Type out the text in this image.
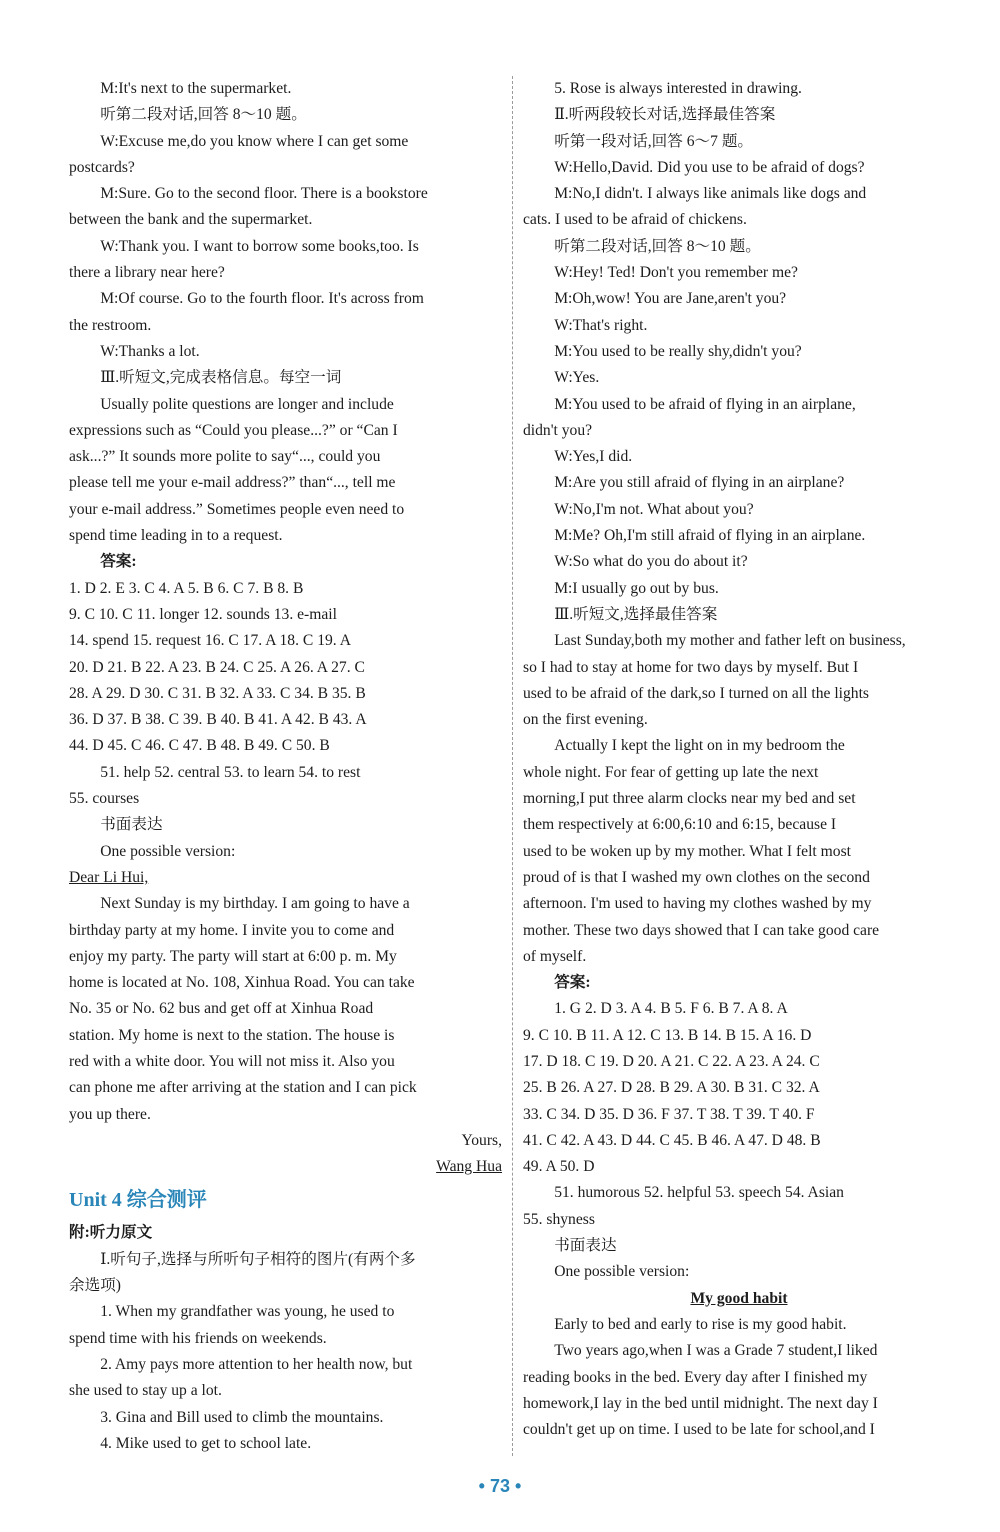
M:It's next to the supermarket.

听第二段对话,回答 8～10 题。

W:Excuse me,do you know where I can get some

postcards?

M:Sure. Go to the second floor. There is a bookstore

between the bank and the supermarket.

W:Thank you. I want to borrow some books,too. Is

there a library near here?

M:Of course. Go to the fourth floor. It's across from

the restroom.

W:Thanks a lot.

Ⅲ.听短文,完成表格信息。每空一词

Usually polite questions are longer and include

expressions such as “Could you please...?” or “Can I

ask...?” It sounds more polite to say“..., could you

please tell me your e-mail address?” than“..., tell me

your e-mail address.” Sometimes people even need to

spend time leading in to a request.

答案:

1. D 2. E 3. C 4. A 5. B 6. C 7. B 8. B

9. C 10. C 11. longer 12. sounds 13. e-mail

14. spend 15. request 16. C 17. A 18. C 19. A

20. D 21. B 22. A 23. B 24. C 25. A 26. A 27. C

28. A 29. D 30. C 31. B 32. A 33. C 34. B 35. B

36. D 37. B 38. C 39. B 40. B 41. A 42. B 43. A

44. D 45. C 46. C 47. B 48. B 49. C 50. B

51. help 52. central 53. to learn 54. to rest

55. courses

书面表达

One possible version:

Dear Li Hui,

Next Sunday is my birthday. I am going to have a

birthday party at my home. I invite you to come and

enjoy my party. The party will start at 6:00 p. m. My

home is located at No. 108, Xinhua Road. You can take

No. 35 or No. 62 bus and get off at Xinhua Road

station. My home is next to the station. The house is

red with a white door. You will not miss it. Also you

can phone me after arriving at the station and I can pick

you up there.

Yours,

Wang Hua

Unit 4 综合测评

附:听力原文

Ⅰ.听句子,选择与所听句子相符的图片(有两个多

余选项)

1. When my grandfather was young, he used to

spend time with his friends on weekends.

2. Amy pays more attention to her health now, but

she used to stay up a lot.

3. Gina and Bill used to climb the mountains.

4. Mike used to get to school late.

5. Rose is always interested in drawing.

Ⅱ.听两段较长对话,选择最佳答案

听第一段对话,回答 6～7 题。

W:Hello,David. Did you use to be afraid of dogs?

M:No,I didn't. I always like animals like dogs and

cats. I used to be afraid of chickens.

听第二段对话,回答 8～10 题。

W:Hey! Ted! Don't you remember me?

M:Oh,wow! You are Jane,aren't you?

W:That's right.

M:You used to be really shy,didn't you?

W:Yes.

M:You used to be afraid of flying in an airplane,

didn't you?

W:Yes,I did.

M:Are you still afraid of flying in an airplane?

W:No,I'm not. What about you?

M:Me? Oh,I'm still afraid of flying in an airplane.

W:So what do you do about it?

M:I usually go out by bus.

Ⅲ.听短文,选择最佳答案

Last Sunday,both my mother and father left on business,

so I had to stay at home for two days by myself. But I

used to be afraid of the dark,so I turned on all the lights

on the first evening.

Actually I kept the light on in my bedroom the

whole night. For fear of getting up late the next

morning,I put three alarm clocks near my bed and set

them respectively at 6:00,6:10 and 6:15, because I

used to be woken up by my mother. What I felt most

proud of is that I washed my own clothes on the second

afternoon. I'm used to having my clothes washed by my

mother. These two days showed that I can take good care

of myself.

答案:

1. G 2. D 3. A 4. B 5. F 6. B 7. A 8. A

9. C 10. B 11. A 12. C 13. B 14. B 15. A 16. D

17. D 18. C 19. D 20. A 21. C 22. A 23. A 24. C

25. B 26. A 27. D 28. B 29. A 30. B 31. C 32. A

33. C 34. D 35. D 36. F 37. T 38. T 39. T 40. F

41. C 42. A 43. D 44. C 45. B 46. A 47. D 48. B

49. A 50. D

51. humorous 52. helpful 53. speech 54. Asian

55. shyness

书面表达

One possible version:

My good habit

Early to bed and early to rise is my good habit.

Two years ago,when I was a Grade 7 student,I liked

reading books in the bed. Every day after I finished my

homework,I lay in the bed until midnight. The next day I

couldn't get up on time. I used to be late for school,and I

• 73 •
